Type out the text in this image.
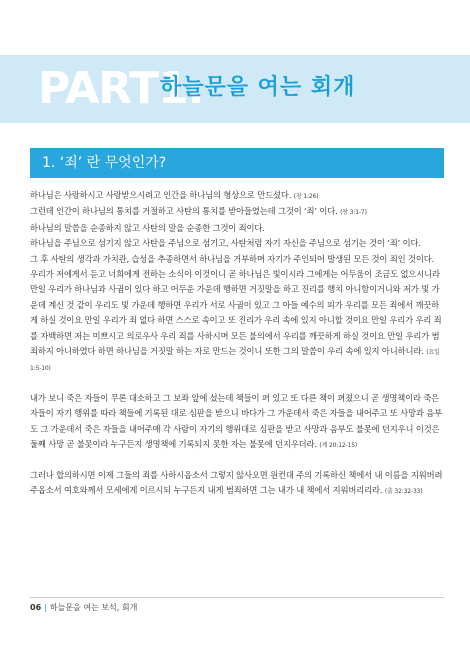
PART1.
하늘문을 여는 회개
1. ‘죄’ 란 무엇인가?

하나님은 사랑하시고 사랑받으시려고 인간을 하나님의 형상으로 만드셨다. (창 1:26)

그런데 인간이 하나님의 통치를 거절하고 사탄의 통치를 받아들였는데 그것이 ‘죄’ 이다. (창 3:1-7)

하나님의 말씀을 순종하지 않고 사탄의 말을 순종한 그것이 죄이다.

하나님을 주님으로 섬기지 않고 사탄을 주님으로 섬기고, 사탄처럼 자기 자신을 주님으로 섬기는 것이 ‘죄’ 이다.

그 후 사탄의 생각과 가치관, 습성을 추종하면서 하나님을 거부하며 자기가 주인되어 발생된 모든 것이 죄인 것이다.

우리가 저에게서 듣고 너희에게 전하는 소식이 이것이니 곧 하나님은 빛이시라 그에게는 어두움이 조금도 없으시니라 만일 우리가 하나님과 사귐이 있다 하고 어두운 가운데 행하면 거짓말을 하고 진리를 행치 아니함이거니와 저가 빛 가운데 계신 것 같이 우리도 빛 가운데 행하면 우리가 서로 사귐이 있고 그 아들 예수의 피가 우리를 모든 죄에서 깨끗하게 하실 것이요 만일 우리가 죄 없다 하면 스스로 속이고 또 진리가 우리 속에 있지 아니할 것이요 만일 우리가 우리 죄를 자백하면 저는 미쁘시고 의로우사 우리 죄를 사하시며 모든 불의에서 우리를 깨끗하게 하실 것이요 만일 우리가 범죄하지 아니하였다 하면 하나님을 거짓말 하는 자로 만드는 것이니 또한 그의 말씀이 우리 속에 있지 아니하니라. (요일 1:5-10)

내가 보니 죽은 자들이 무론 대소하고 그 보좌 앞에 섰는데 책들이 펴 있고 또 다른 책이 펴졌으니 곧 생명책이라 죽은 자들이 자기 행위를 따라 책들에 기록된 대로 심판을 받으니 바다가 그 가운데서 죽은 자들을 내어주고 또 사망과 음부도 그 가운데서 죽은 자들을 내어주매 각 사람이 자기의 행위대로 심판을 받고 사망과 음부도 불못에 던지우니 이것은 둘째 사망 곧 불못이라 누구든지 생명책에 기록되지 못한 자는 불못에 던지우더라. (계 20:12-15)

그러나 합의하시면 이제 그들의 죄를 사하시옵소서 그렇지 않사오면 원컨대 주의 기록하신 책에서 내 이름을 지워버려 주옵소서 여호와께서 모세에게 이르시되 누구든지 내게 범죄하면 그는 내가 내 책에서 지워버리리라. (출 32:32-33)

06 | 하늘문을 여는 보석, 회개
